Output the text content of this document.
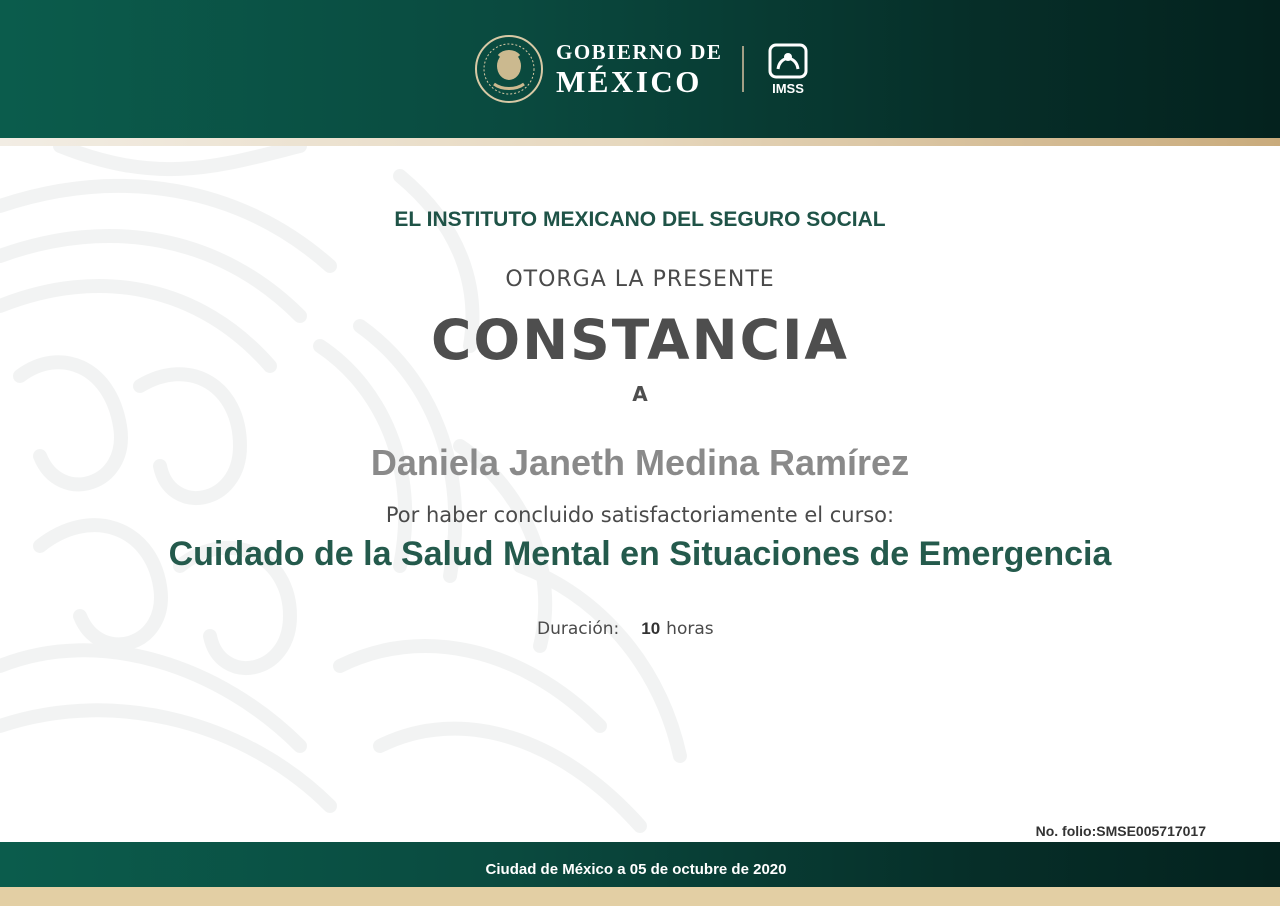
GOBIERNO DE
MÉXICO	IMSS
EL INSTITUTO MEXICANO DEL SEGURO SOCIAL
OTORGA LA PRESENTE
CONSTANCIA
A
Daniela Janeth Medina Ramírez
Por haber concluido satisfactoriamente el curso:
Cuidado de la Salud Mental en Situaciones de Emergencia
Duración: 10 horas
No. folio:SMSE005717017
Ciudad de México a 05 de octubre de 2020
